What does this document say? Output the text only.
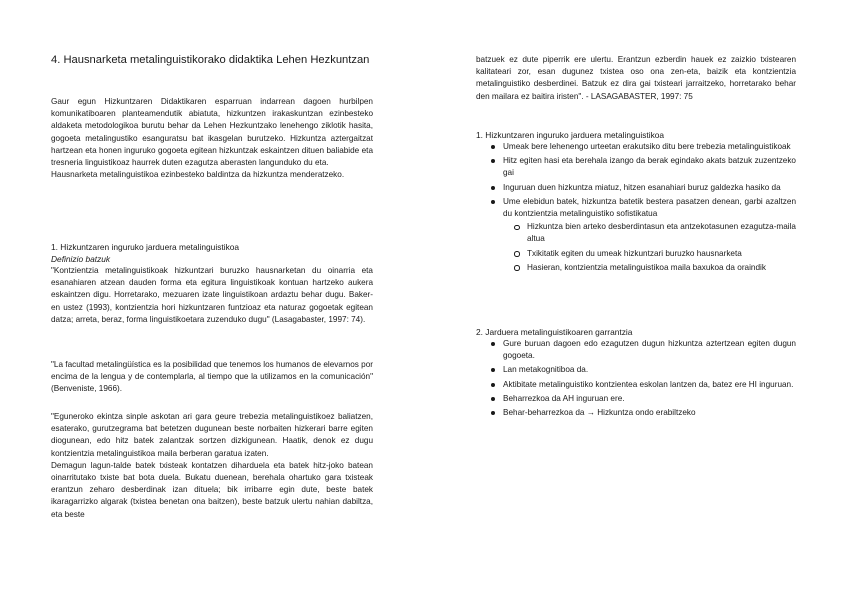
4. Hausnarketa metalinguistikorako didaktika Lehen Hezkuntzan

Gaur egun Hizkuntzaren Didaktikaren esparruan indarrean dagoen hurbilpen komunikatiboaren planteamendutik abiatuta, hizkuntzen irakaskuntzan ezinbesteko aldaketa metodologikoa burutu behar da Lehen Hezkuntzako lenehengo ziklotik hasita, gogoeta metalingustiko esanguratsu bat ikasgelan burutzeko. Hizkuntza aztergaitzat hartzean eta honen inguruko gogoeta egitean hizkuntzak eskaintzen dituen baliabide eta tresneria linguistikoaz haurrek duten ezagutza aberasten langunduko du eta.

Hausnarketa metalinguistikoa ezinbesteko baldintza da hizkuntza menderatzeko.

1. Hizkuntzaren inguruko jarduera metalinguistikoa

Definizio batzuk

"Kontzientzia metalinguistikoak hizkuntzari buruzko hausnarketan du oinarria eta esanahiaren atzean dauden forma eta egitura linguistikoak kontuan hartzeko aukera eskaintzen digu. Horretarako, mezuaren izate linguistikoan ardaztu behar dugu. Baker-en ustez (1993), kontzientzia hori hizkuntzaren funtzioaz eta naturaz gogoetak egitean datza; arreta, beraz, forma linguistikoetara zuzenduko dugu" (Lasagabaster, 1997: 74).

"La facultad metalingüística es la posibilidad que tenemos los humanos de elevarnos por encima de la lengua y de contemplarla, al tiempo que la utilizamos en la comunicación" (Benveniste, 1966).

"Eguneroko ekintza sinple askotan ari gara geure trebezia metalinguistikoez baliatzen, esaterako, gurutzegrama bat betetzen dugunean beste norbaiten hizkerari barre egiten diogunean, edo hitz batek zalantzak sortzen dizkigunean. Haatik, denok ez dugu kontzientzia metalinguistikoa maila berberan garatua izaten.

Demagun lagun-talde batek txisteak kontatzen diharduela eta batek hitz-joko batean oinarritutako txiste bat bota duela. Bukatu duenean, berehala ohartuko gara txisteak erantzun zeharo desberdinak izan dituela; bik irribarre egin dute, beste batek ikaragarrizko algarak (txistea benetan ona baitzen), beste batzuk ulertu nahian dabiltza, eta beste

batzuek ez dute piperrik ere ulertu. Erantzun ezberdin hauek ez zaizkio txistearen kalitateari zor, esan dugunez txistea oso ona zen-eta, baizik eta kontzientzia metalinguistiko desberdinei. Batzuk ez dira gai txisteari jarraitzeko, horretarako behar den mailara ez baitira iristen". - LASAGABASTER, 1997: 75

1. Hizkuntzaren inguruko jarduera metalinguistikoa

Umeak bere lehenengo urteetan erakutsiko ditu bere trebezia metalinguistikoak
Hitz egiten hasi eta berehala izango da berak egindako akats batzuk zuzentzeko gai
Inguruan duen hizkuntza miatuz, hitzen esanahiari buruz galdezka hasiko da
Ume elebidun batek, hizkuntza batetik bestera pasatzen denean, garbi azaltzen du kontzientzia metalinguistiko sofistikatua
Hizkuntza bien arteko desberdintasun eta antzekotasunen ezagutza-maila altua
Txikitatik egiten du umeak hizkuntzari buruzko hausnarketa
Hasieran, kontzientzia metalinguistikoa maila baxukoa da oraindik

2. Jarduera metalinguistikoaren garrantzia

Gure buruan dagoen edo ezagutzen dugun hizkuntza aztertzean egiten dugun gogoeta.
Lan metakognitiboa da.
Aktibitate metalinguistiko kontzientea eskolan lantzen da, batez ere HI inguruan.
Beharrezkoa da AH inguruan ere.
Behar-beharrezkoa da → Hizkuntza ondo erabiltzeko
